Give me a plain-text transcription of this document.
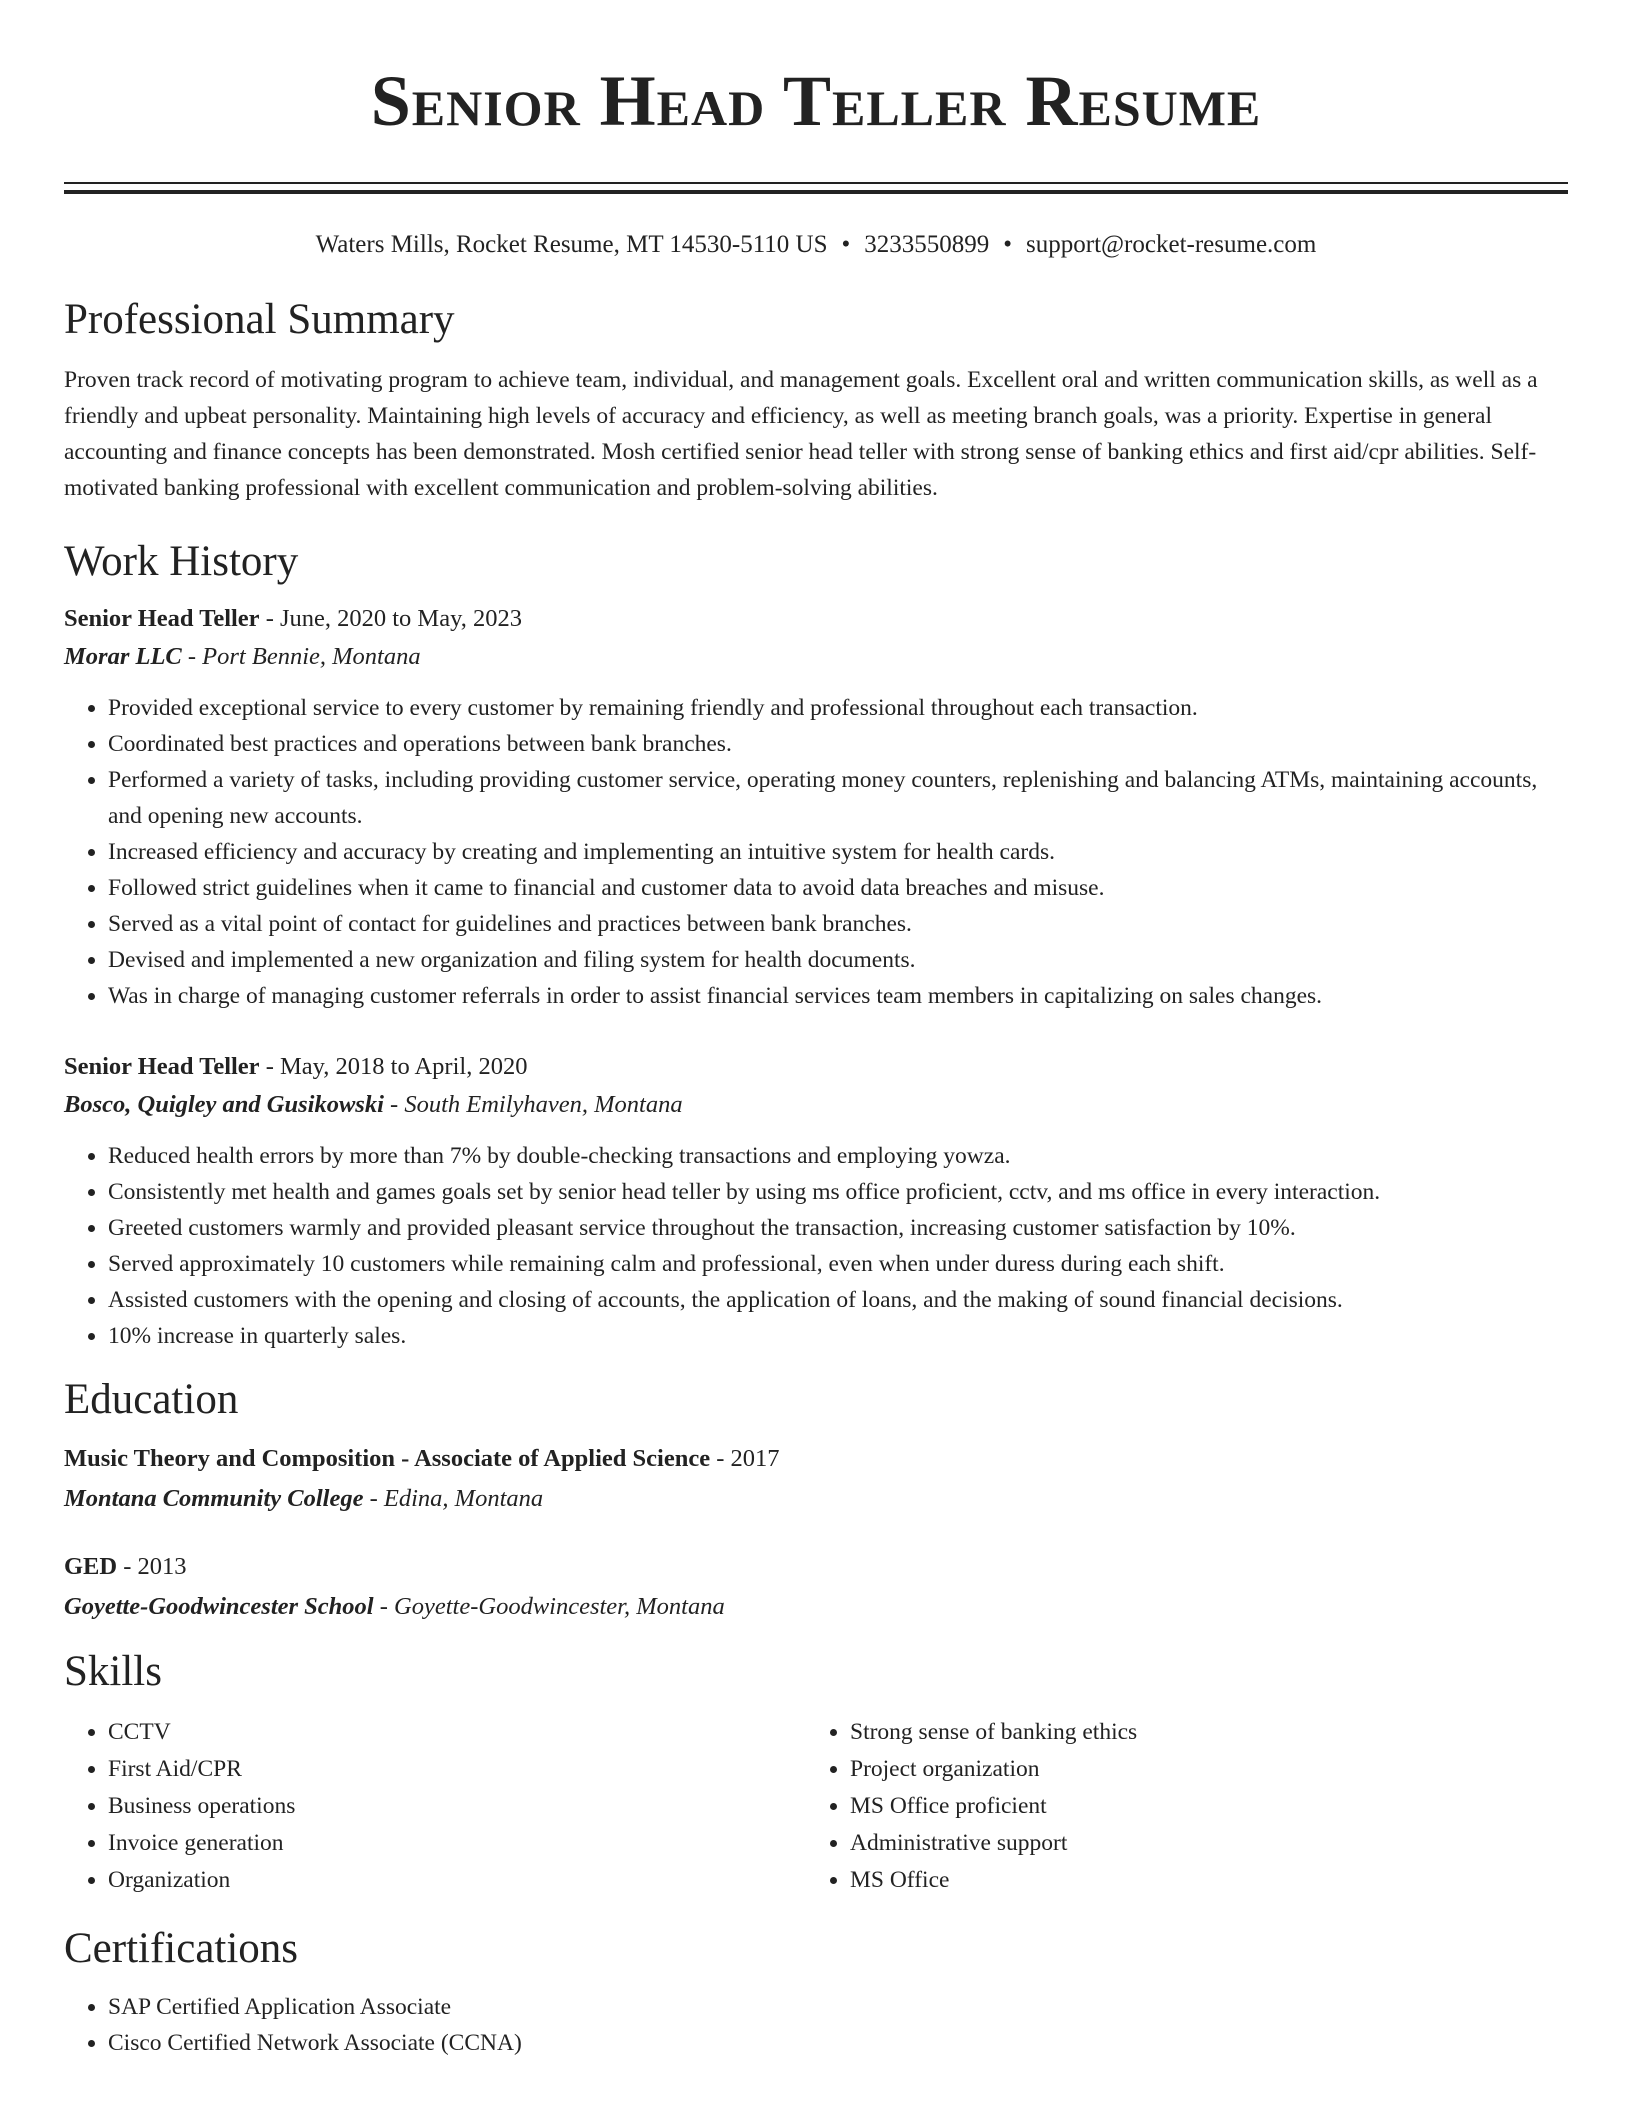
Senior Head Teller Resume
Waters Mills, Rocket Resume, MT 14530-5110 US • 3233550899 • support@rocket-resume.com
Professional Summary

Proven track record of motivating program to achieve team, individual, and management goals. Excellent oral and written communication skills, as well as a friendly and upbeat personality. Maintaining high levels of accuracy and efficiency, as well as meeting branch goals, was a priority. Expertise in general accounting and finance concepts has been demonstrated. Mosh certified senior head teller with strong sense of banking ethics and first aid/cpr abilities. Self-motivated banking professional with excellent communication and problem-solving abilities.

Work History
Senior Head Teller - June, 2020 to May, 2023
Morar LLC - Port Bennie, Montana
• Provided exceptional service to every customer by remaining friendly and professional throughout each transaction.
• Coordinated best practices and operations between bank branches.
• Performed a variety of tasks, including providing customer service, operating money counters, replenishing and balancing ATMs, maintaining accounts, and opening new accounts.
• Increased efficiency and accuracy by creating and implementing an intuitive system for health cards.
• Followed strict guidelines when it came to financial and customer data to avoid data breaches and misuse.
• Served as a vital point of contact for guidelines and practices between bank branches.
• Devised and implemented a new organization and filing system for health documents.
• Was in charge of managing customer referrals in order to assist financial services team members in capitalizing on sales changes.
Senior Head Teller - May, 2018 to April, 2020
Bosco, Quigley and Gusikowski - South Emilyhaven, Montana
• Reduced health errors by more than 7% by double-checking transactions and employing yowza.
• Consistently met health and games goals set by senior head teller by using ms office proficient, cctv, and ms office in every interaction.
• Greeted customers warmly and provided pleasant service throughout the transaction, increasing customer satisfaction by 10%.
• Served approximately 10 customers while remaining calm and professional, even when under duress during each shift.
• Assisted customers with the opening and closing of accounts, the application of loans, and the making of sound financial decisions.
• 10% increase in quarterly sales.
Education
Music Theory and Composition - Associate of Applied Science - 2017
Montana Community College - Edina, Montana
GED - 2013
Goyette-Goodwincester School - Goyette-Goodwincester, Montana
Skills
• CCTV
• First Aid/CPR
• Business operations
• Invoice generation
• Organization
• Strong sense of banking ethics
• Project organization
• MS Office proficient
• Administrative support
• MS Office
Certifications
• SAP Certified Application Associate
• Cisco Certified Network Associate (CCNA)
